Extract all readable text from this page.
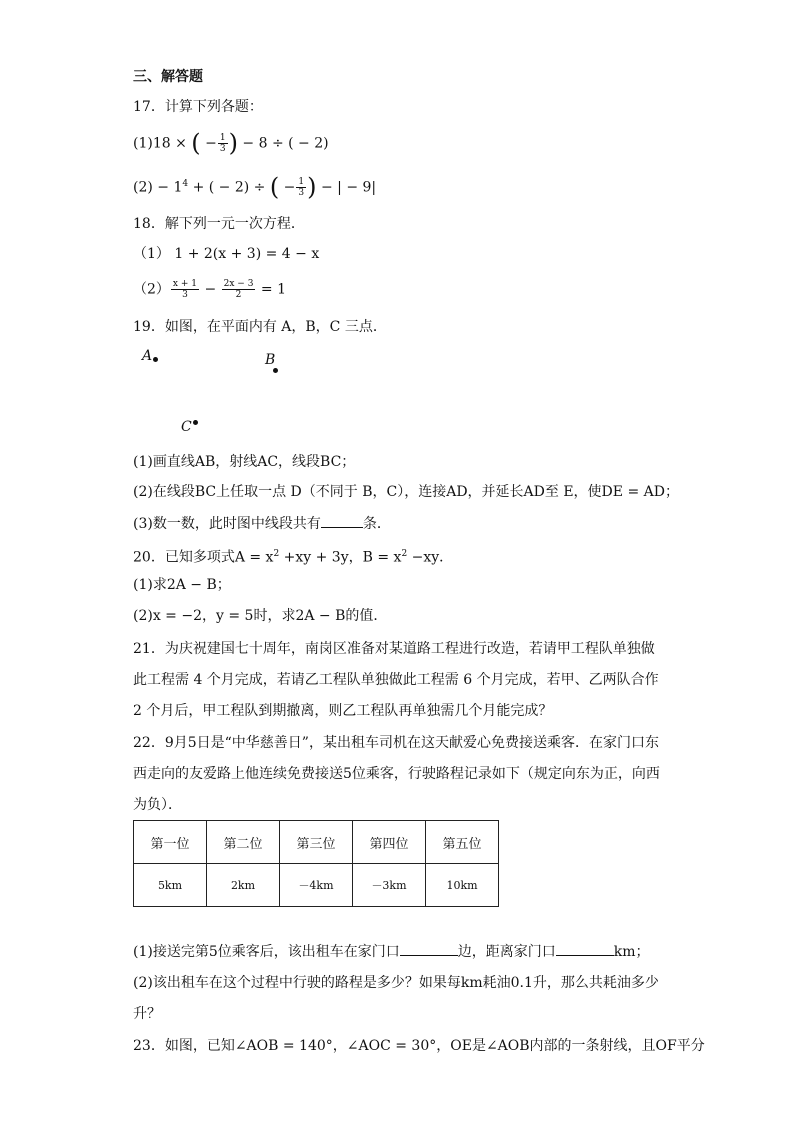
三、解答题
17．计算下列各题：
(1)18 × ( − $\frac{1}{3}$ ) − 8 ÷ ( − 2)
$(2) - 1^4$ + ( − 2) ÷ ( − $\frac{1}{3}$ ) − | − 9|
18．解下列一元一次方程．
（1） 1 + 2(x + 3) = 4 − x
$(2) \frac{x + 1}{3} - \frac{2x - 3}{2} = 1$
19．如图，在平面内有 A，B，C 三点．
A	B
C
(1)画直线AB，射线AC，线段BC；
(2)在线段BC上任取一点 D（不同于 B，C），连接AD，并延长AD至 E，使DE = AD；
(3)数一数，此时图中线段共有	条．
20．已知多项式$A = x^2 +xy + 3y$，$B = x^2 -xy$．
(1)求2A − B；
(2)x = −2，y = 5时，求2A − B的值．
21．为庆祝建国七十周年，南岗区准备对某道路工程进行改造，若请甲工程队单独做
此工程需 4 个月完成，若请乙工程队单独做此工程需 6 个月完成，若甲、乙两队合作
2 个月后，甲工程队到期撤离，则乙工程队再单独需几个月能完成？
22．9月5日是“中华慈善日”，某出租车司机在这天献爱心免费接送乘客．在家门口东
西走向的友爱路上他连续免费接送5位乘客，行驶路程记录如下（规定向东为正，向西
为负）．
第一位	第二位	第三位	第四位	第五位
5km	2km	－4km	－3km	10km
(1)接送完第5位乘客后，该出租车在家门口	边，距离家门口	km；
(2)该出租车在这个过程中行驶的路程是多少？如果每km耗油0.1升，那么共耗油多少
升？
23．如图，已知∠AOB = 140°，∠AOC = 30°，OE是∠AOB内部的一条射线，且OF平分
